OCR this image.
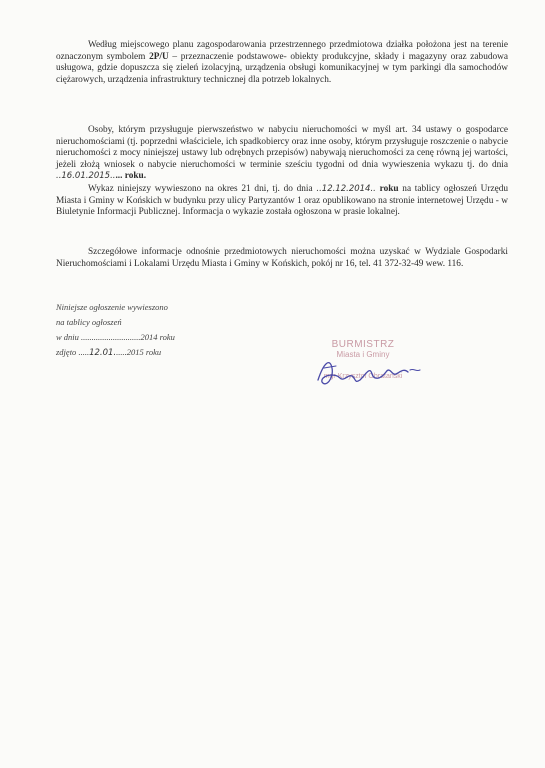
Według miejscowego planu zagospodarowania przestrzennego przedmiotowa działka położona jest na terenie oznaczonym symbolem 2P/U – przeznaczenie podstawowe- obiekty produkcyjne, składy i magazyny oraz zabudowa usługowa, gdzie dopuszcza się zieleń izolacyjną, urządzenia obsługi komunikacyjnej w tym parkingi dla samochodów ciężarowych, urządzenia infrastruktury technicznej dla potrzeb lokalnych.

Osoby, którym przysługuje pierwszeństwo w nabyciu nieruchomości w myśl art. 34 ustawy o gospodarce nieruchomościami (tj. poprzedni właściciele, ich spadkobiercy oraz inne osoby, którym przysługuje roszczenie o nabycie nieruchomości z mocy niniejszej ustawy lub odrębnych przepisów) nabywają nieruchomości za cenę równą jej wartości, jeżeli złożą wniosek o nabycie nieruchomości w terminie sześciu tygodni od dnia wywieszenia wykazu tj. do dnia ..16.01.2015..... roku.

Wykaz niniejszy wywieszono na okres 21 dni, tj. do dnia ..12.12.2014.. roku na tablicy ogłoszeń Urzędu Miasta i Gminy w Końskich w budynku przy ulicy Partyzantów 1 oraz opublikowano na stronie internetowej Urzędu - w Biuletynie Informacji Publicznej. Informacja o wykazie została ogłoszona w prasie lokalnej.

Szczegółowe informacje odnośnie przedmiotowych nieruchomości można uzyskać w Wydziale Gospodarki Nieruchomościami i Lokalami Urzędu Miasta i Gminy w Końskich, pokój nr 16, tel. 41 372-32-49 wew. 116.

Niniejsze ogłoszenie wywieszono
na tablicy ogłoszeń
w dniu ............................2014 roku
zdjęto .....12.01......2015 roku
BURMISTRZ
Miasta i Gminy
mgr Krzysztof Obratański
